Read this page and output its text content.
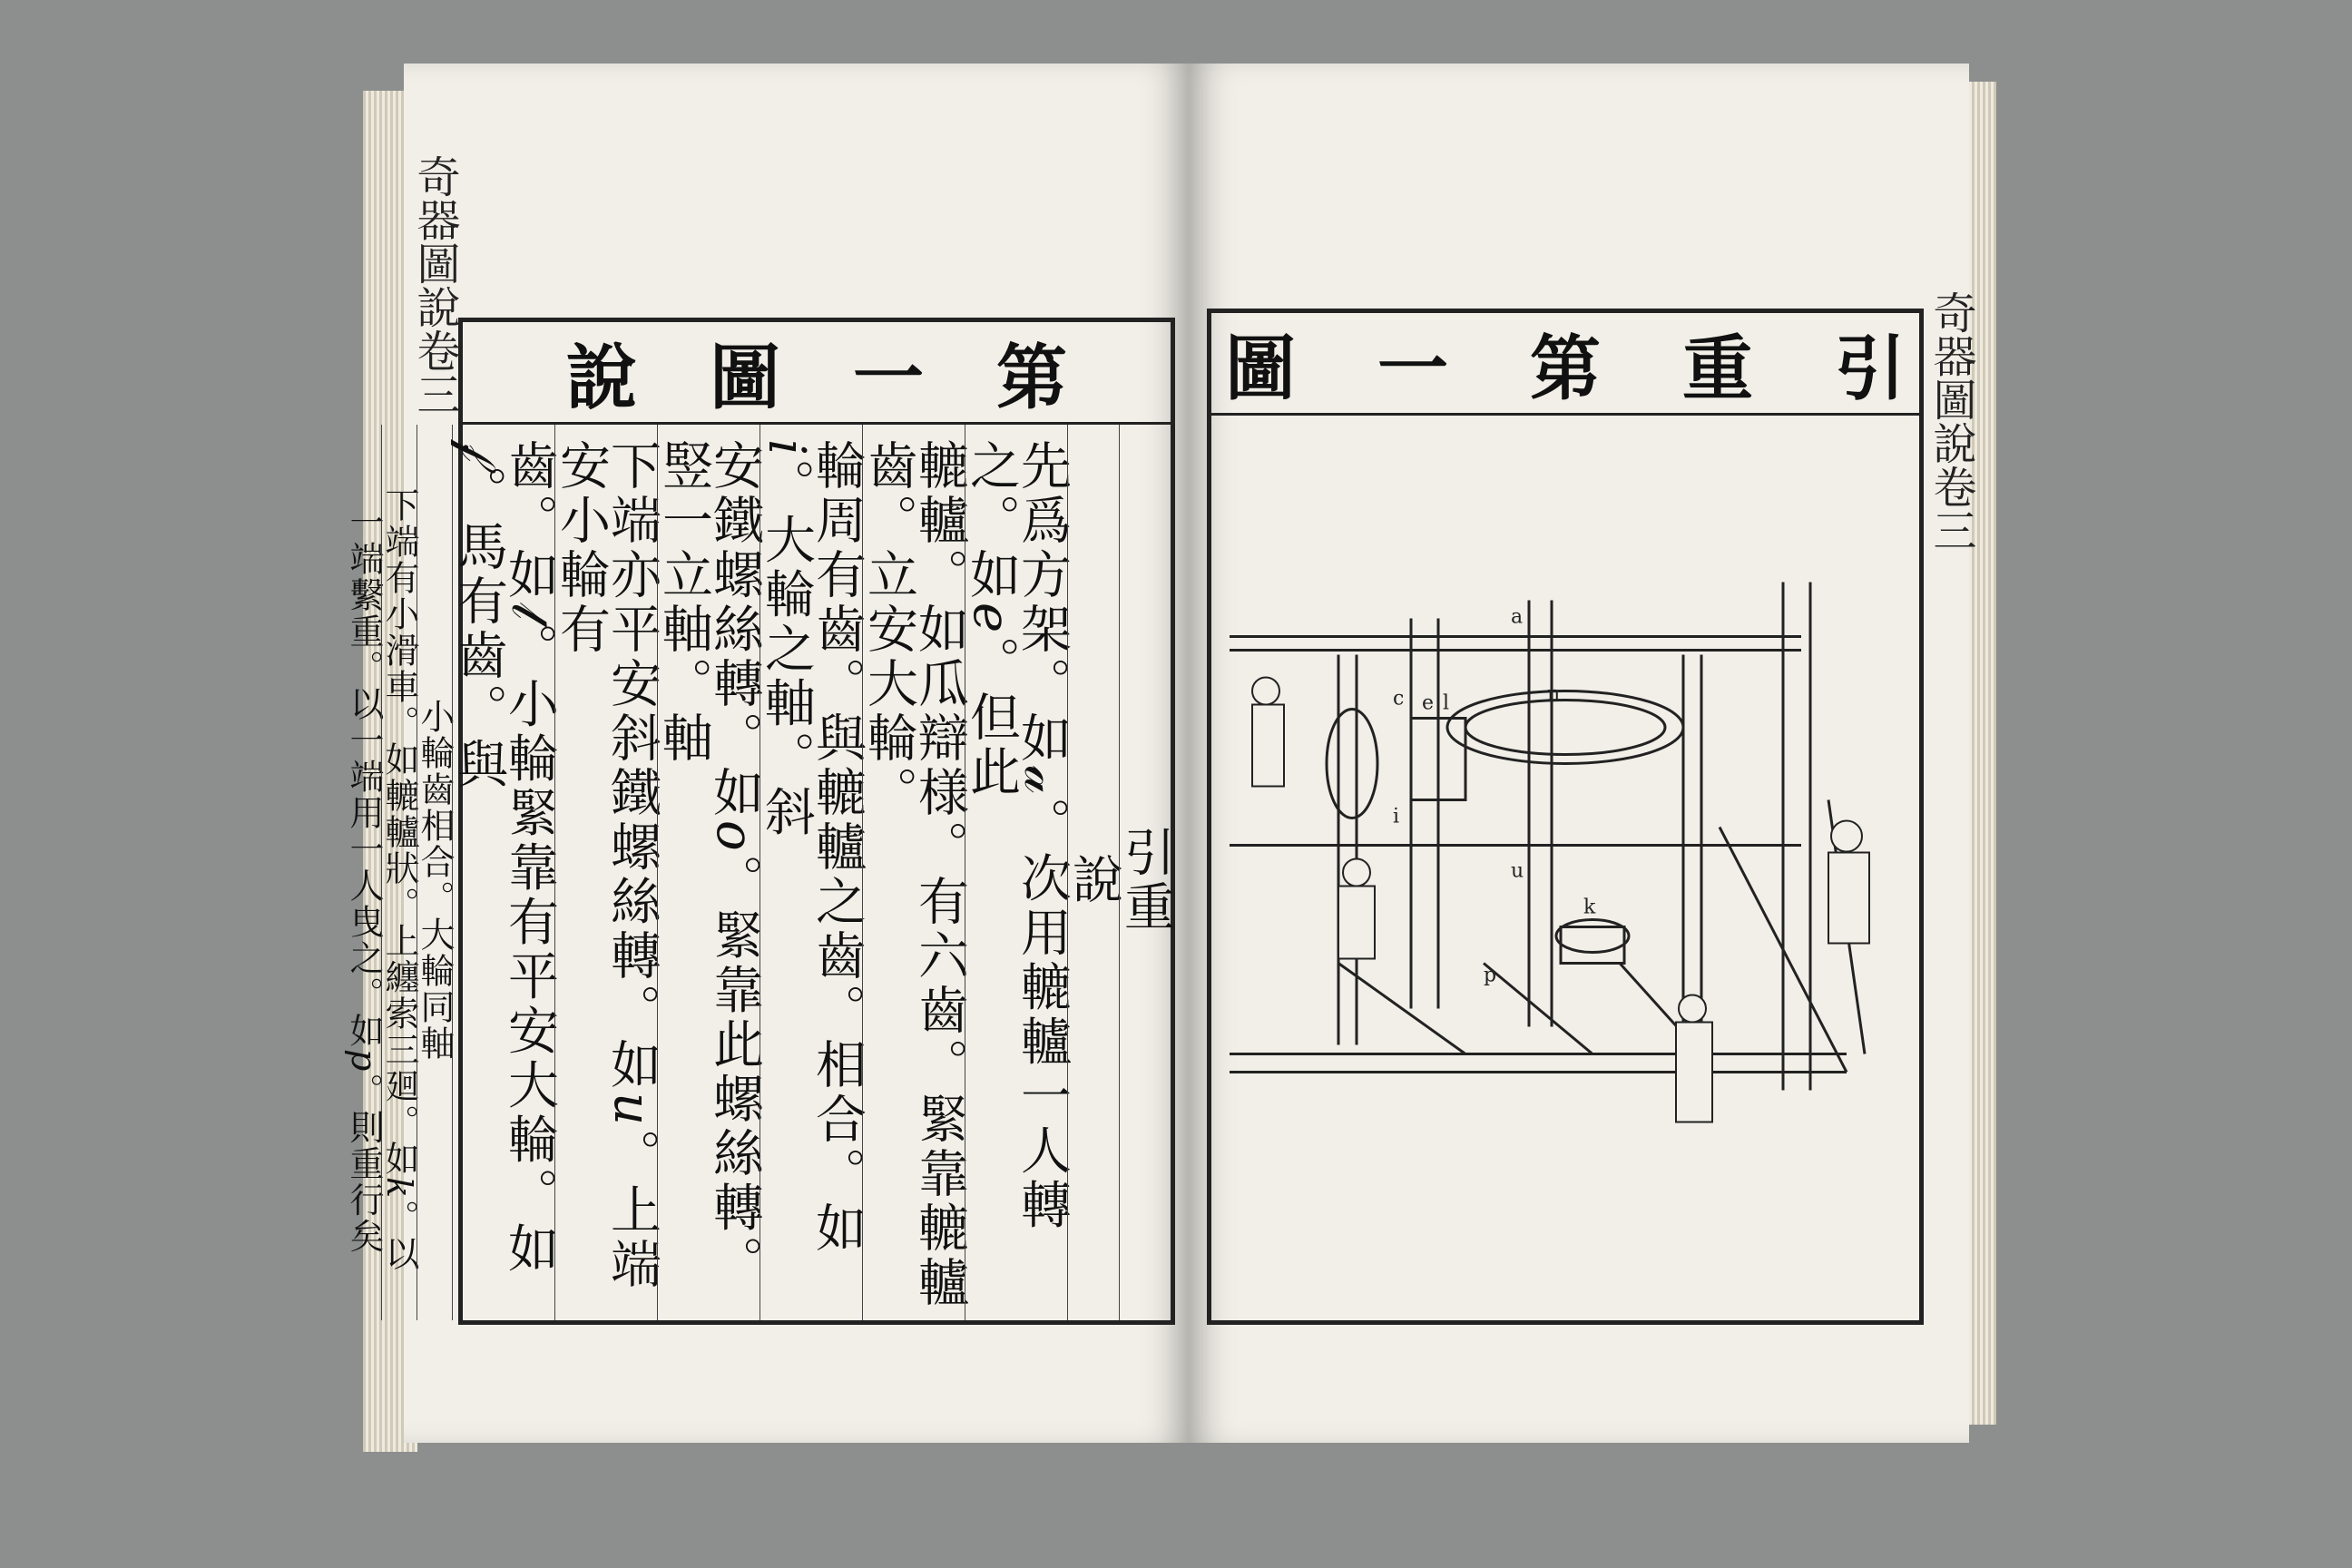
奇器圖說卷三	第
一
圖
說
引重
說
先爲方架。如𝒶。次用轆轤一人轉之。如𝑒。但此
轆轤。如瓜辯様。有六齒。緊靠轆轤齒。立安大輪。
輪周有齒。與轆轤之齒。相合。如𝑖。大輪之軸。斜
安鐵螺絲轉。如𝑜。緊靠此螺絲轉。竪一立軸。軸
下端亦平安斜鐵螺絲轉。如𝑢。上端安小輪有
齒。如𝓁。小輪緊靠有平安大輪。如𝒻。馬有齒。與
小輪齒相合。大輪同軸
下端有小滑車。如轆轤狀。上纏索三廻。如𝑘。以
一端繫重。以一端用一人曳之。如𝑝。則重行矣
奇器圖說卷三
引
重
第
一
圖
a
e	n
c l
k
p
u
i
